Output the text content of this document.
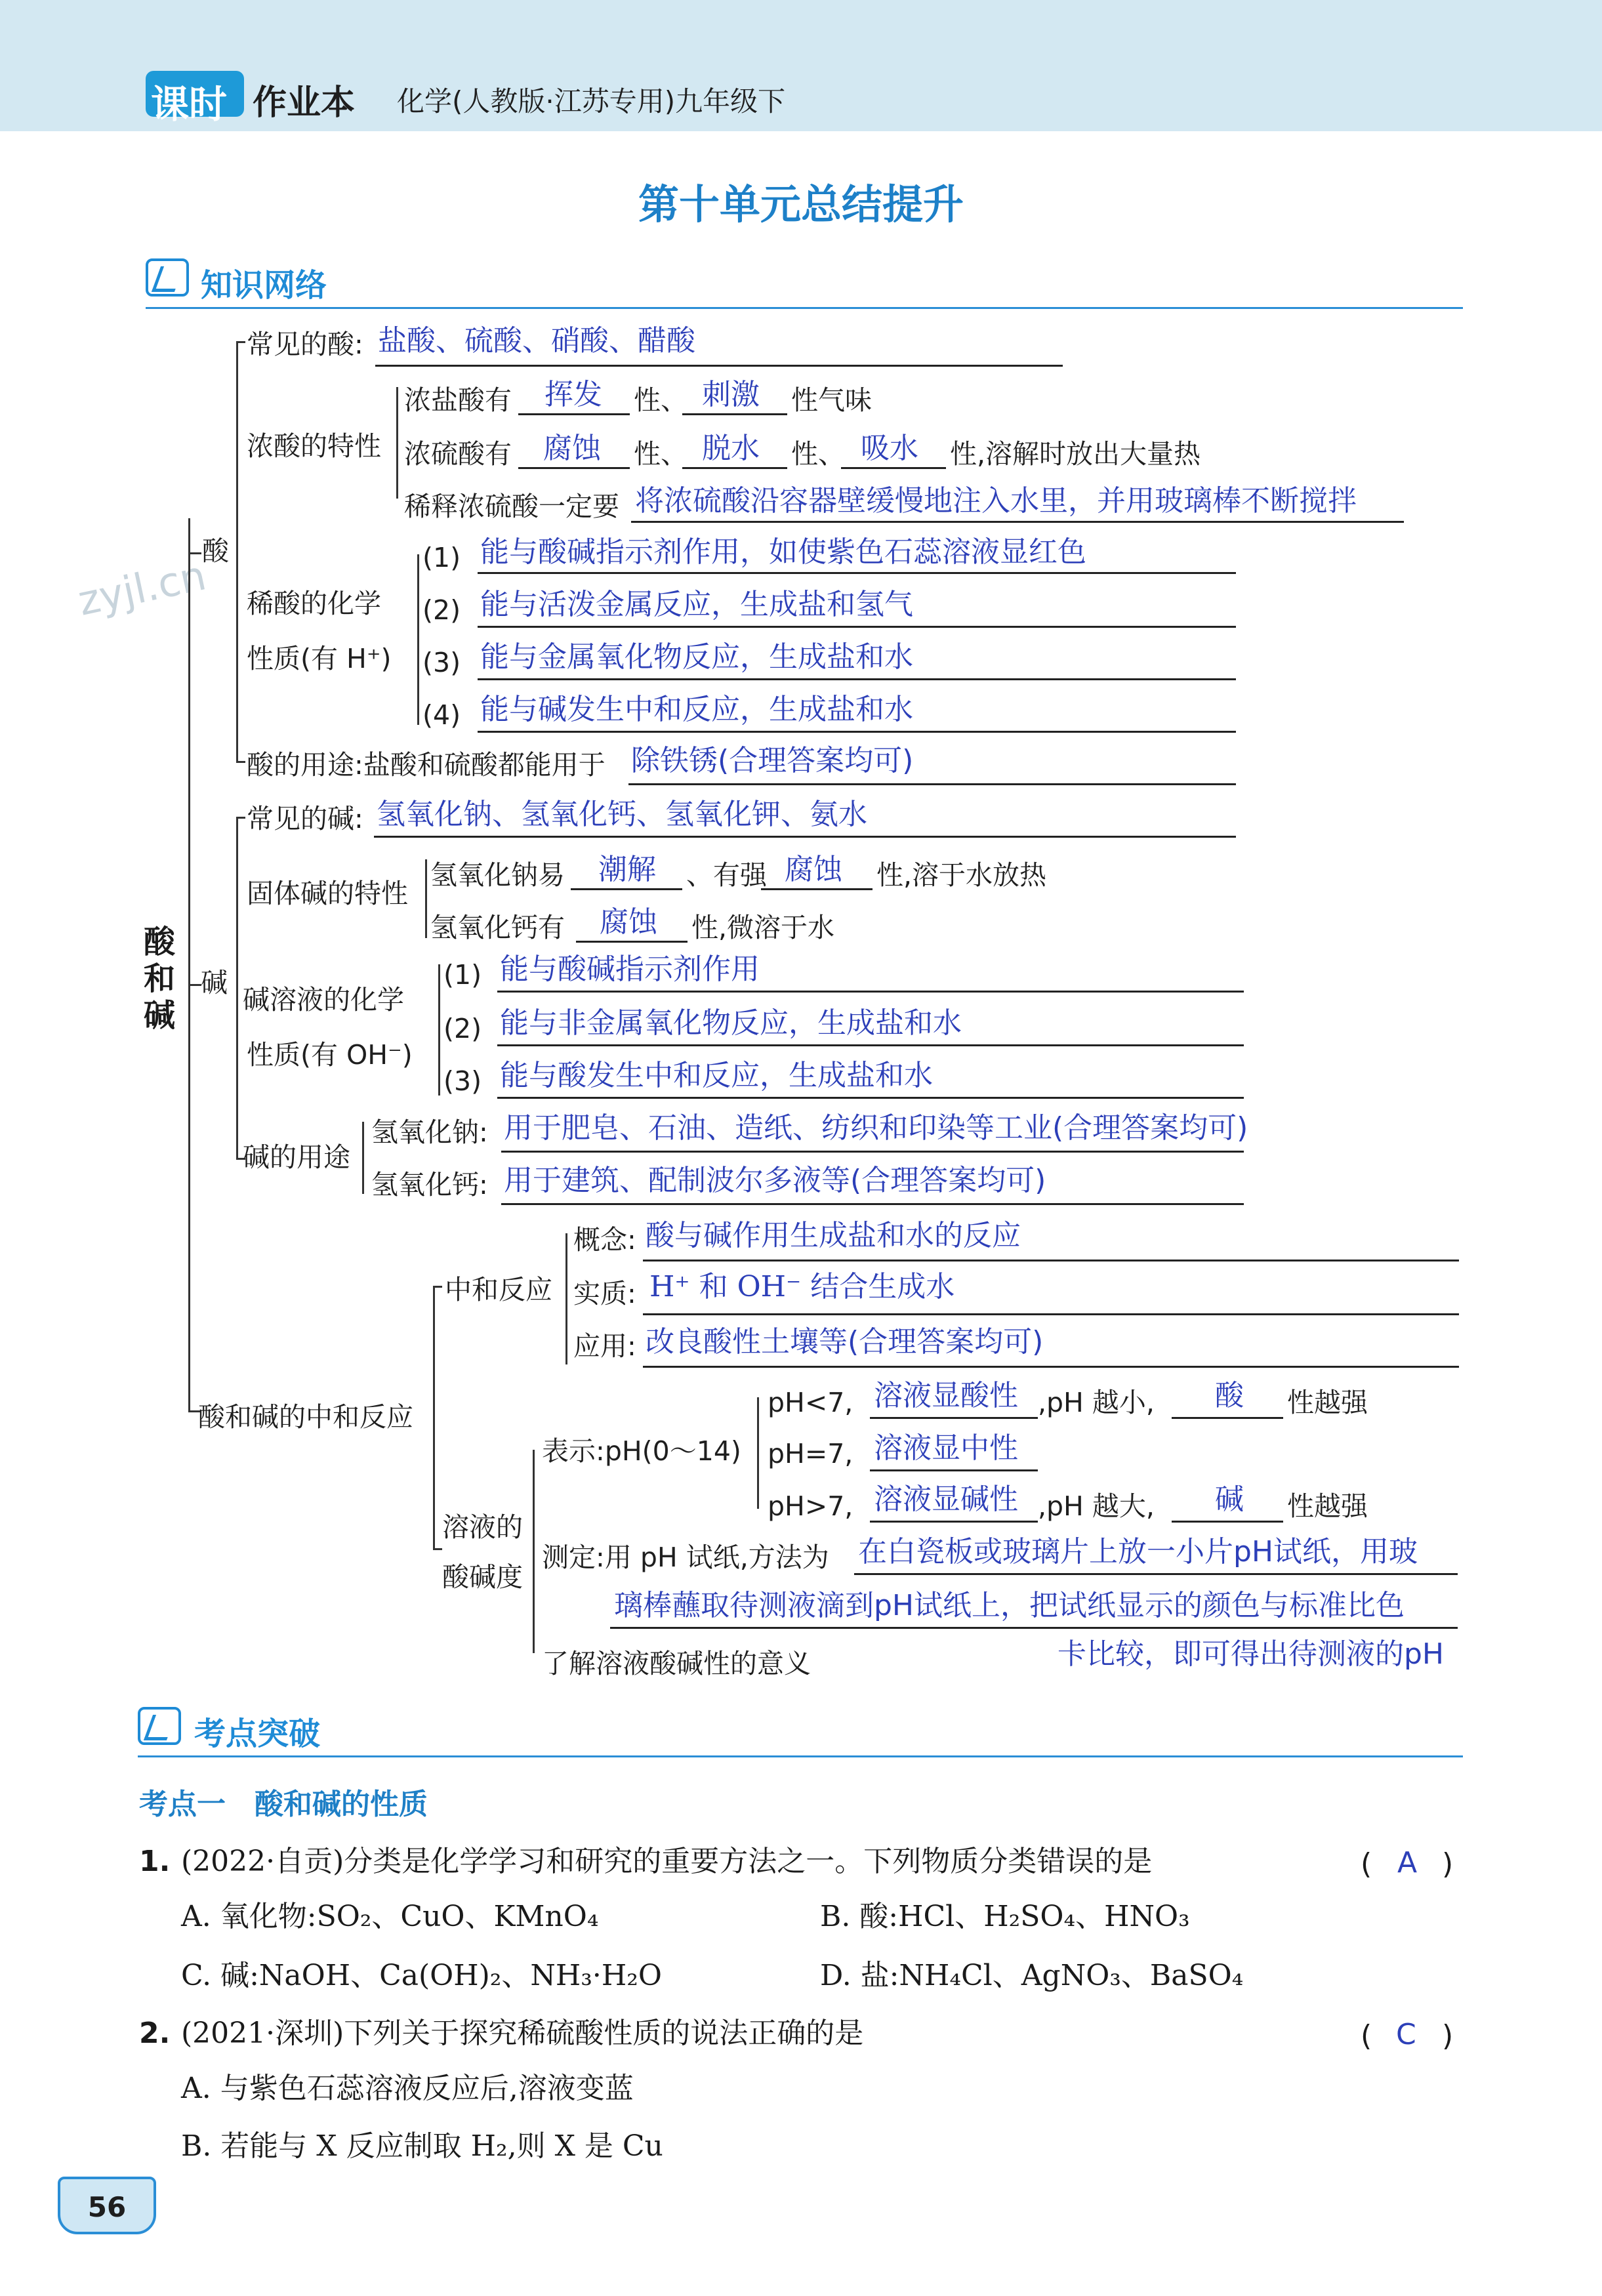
课时 作业本 化学(人教版·江苏专用)九年级下
zyjl.cn
第十单元总结提升
知识网络
酸和碱
酸
碱
酸和碱的中和反应
常见的酸: 盐酸、硫酸、硝酸、醋酸
浓酸的特性
浓盐酸有 挥发 性、 刺激 性气味
浓硫酸有 腐蚀 性、 脱水 性、 吸水 性,溶解时放出大量热
稀释浓硫酸一定要 将浓硫酸沿容器壁缓慢地注入水里，并用玻璃棒不断搅拌
稀酸的化学
性质(有 H⁺)
(1) 能与酸碱指示剂作用，如使紫色石蕊溶液显红色
(2) 能与活泼金属反应，生成盐和氢气
(3) 能与金属氧化物反应，生成盐和水
(4) 能与碱发生中和反应，生成盐和水
酸的用途:盐酸和硫酸都能用于 除铁锈(合理答案均可)
常见的碱: 氢氧化钠、氢氧化钙、氢氧化钾、氨水
固体碱的特性
氢氧化钠易 潮解 、有强 腐蚀 性,溶于水放热
氢氧化钙有 腐蚀 性,微溶于水
碱溶液的化学
性质(有 OH⁻)
(1) 能与酸碱指示剂作用
(2) 能与非金属氧化物反应，生成盐和水
(3) 能与酸发生中和反应，生成盐和水
碱的用途
氢氧化钠: 用于肥皂、石油、造纸、纺织和印染等工业(合理答案均可)
氢氧化钙: 用于建筑、配制波尔多液等(合理答案均可)
中和反应
概念: 酸与碱作用生成盐和水的反应
实质: H⁺ 和 OH⁻ 结合生成水
应用: 改良酸性土壤等(合理答案均可)
溶液的
酸碱度
表示:pH(0～14)
pH<7, 溶液显酸性 ,pH 越小, 酸 性越强
pH=7, 溶液显中性
pH>7, 溶液显碱性 ,pH 越大, 碱 性越强
测定:用 pH 试纸,方法为 在白瓷板或玻璃片上放一小片pH试纸，用玻
璃棒蘸取待测液滴到pH试纸上，把试纸显示的颜色与标准比色
卡比较，即可得出待测液的pH
了解溶液酸碱性的意义
考点突破
考点一　酸和碱的性质
1. (2022·自贡)分类是化学学习和研究的重要方法之一。下列物质分类错误的是	( A )
A. 氧化物:SO₂、CuO、KMnO₄	B. 酸:HCl、H₂SO₄、HNO₃
C. 碱:NaOH、Ca(OH)₂、NH₃·H₂O	D. 盐:NH₄Cl、AgNO₃、BaSO₄
2. (2021·深圳)下列关于探究稀硫酸性质的说法正确的是	( C )
A. 与紫色石蕊溶液反应后,溶液变蓝
B. 若能与 X 反应制取 H₂,则 X 是 Cu
56
